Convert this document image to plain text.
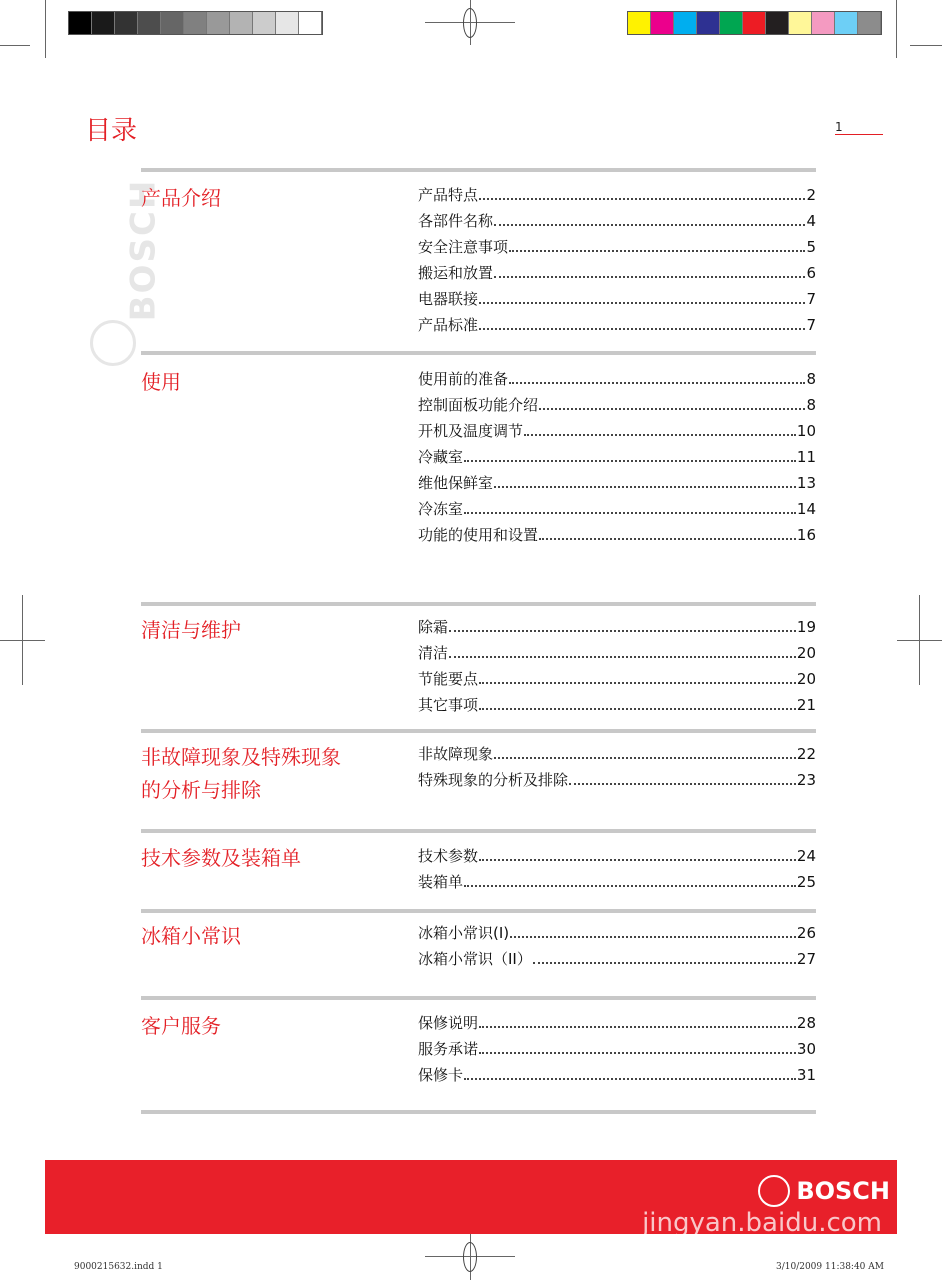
目录	1
BOSCH
产品介绍	产品特点	2
各部件名称	4
安全注意事项	5
搬运和放置	6
电器联接	7
产品标准	7
使用	使用前的准备	8
控制面板功能介绍	8
开机及温度调节	10
冷藏室	11
维他保鲜室	13
冷冻室	14
功能的使用和设置	16
清洁与维护	除霜	19
清洁	20
节能要点	20
其它事项	21
非故障现象及特殊现象
的分析与排除
非故障现象	22
特殊现象的分析及排除	23
技术参数及装箱单	技术参数	24
装箱单	25
冰箱小常识	冰箱小常识(I)	26
冰箱小常识（II）	27
客户服务	保修说明	28
服务承诺	30
保修卡	31
BOSCH
jingyan.baidu.com
9000215632.indd 1	3/10/2009 11:38:40 AM
